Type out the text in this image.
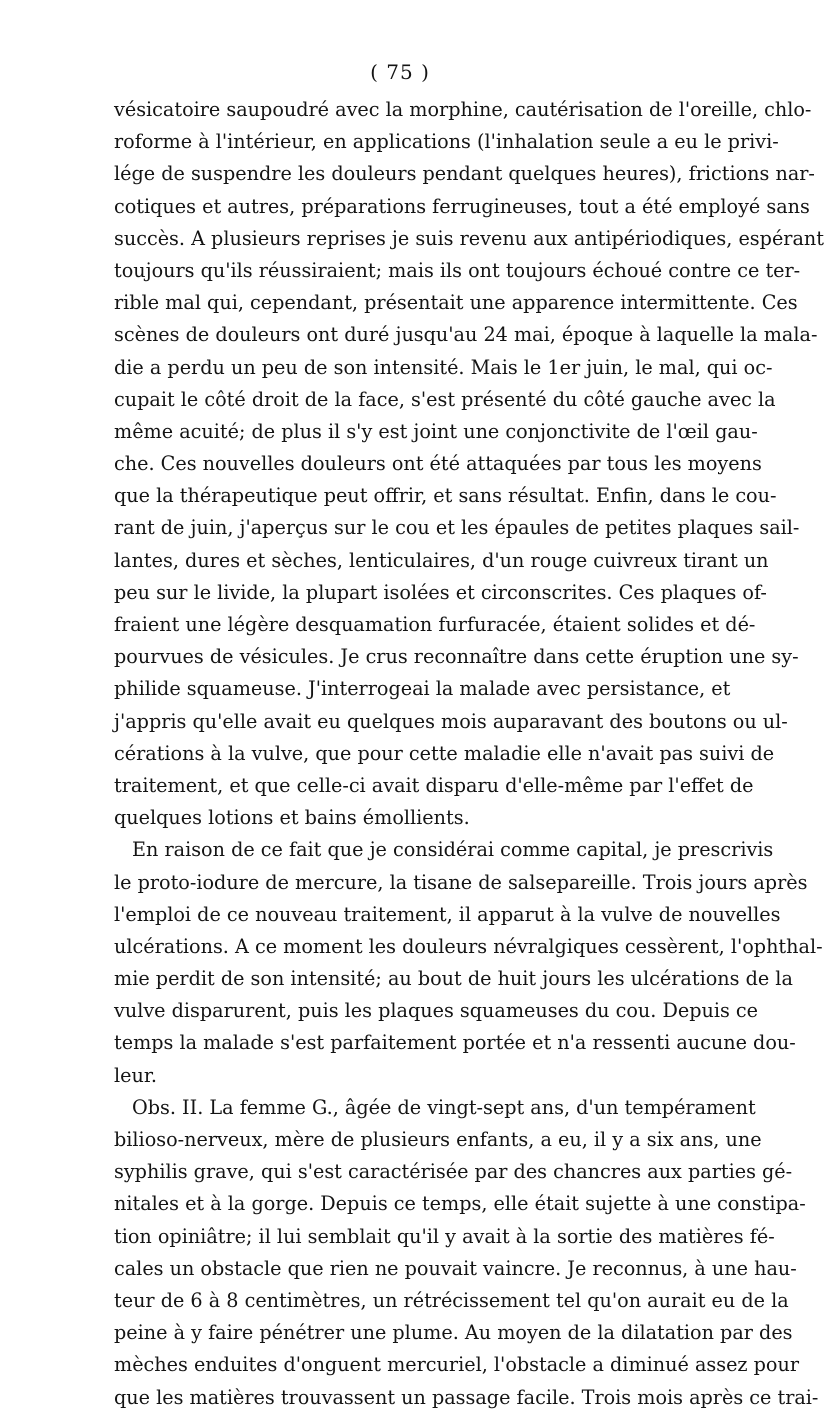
( 75 )
vésicatoire saupoudré avec la morphine, cautérisation de l'oreille, chlo-
roforme à l'intérieur, en applications (l'inhalation seule a eu le privi-
lége de suspendre les douleurs pendant quelques heures), frictions nar-
cotiques et autres, préparations ferrugineuses, tout a été employé sans
succès. A plusieurs reprises je suis revenu aux antipériodiques, espérant
toujours qu'ils réussiraient; mais ils ont toujours échoué contre ce ter-
rible mal qui, cependant, présentait une apparence intermittente. Ces
scènes de douleurs ont duré jusqu'au 24 mai, époque à laquelle la mala-
die a perdu un peu de son intensité. Mais le 1er juin, le mal, qui oc-
cupait le côté droit de la face, s'est présenté du côté gauche avec la
même acuité; de plus il s'y est joint une conjonctivite de l'œil gau-
che. Ces nouvelles douleurs ont été attaquées par tous les moyens
que la thérapeutique peut offrir, et sans résultat. Enfin, dans le cou-
rant de juin, j'aperçus sur le cou et les épaules de petites plaques sail-
lantes, dures et sèches, lenticulaires, d'un rouge cuivreux tirant un
peu sur le livide, la plupart isolées et circonscrites. Ces plaques of-
fraient une légère desquamation furfuracée, étaient solides et dé-
pourvues de vésicules. Je crus reconnaître dans cette éruption une sy-
philide squameuse. J'interrogeai la malade avec persistance, et
j'appris qu'elle avait eu quelques mois auparavant des boutons ou ul-
cérations à la vulve, que pour cette maladie elle n'avait pas suivi de
traitement, et que celle-ci avait disparu d'elle-même par l'effet de
quelques lotions et bains émollients.
En raison de ce fait que je considérai comme capital, je prescrivis
le proto-iodure de mercure, la tisane de salsepareille. Trois jours après
l'emploi de ce nouveau traitement, il apparut à la vulve de nouvelles
ulcérations. A ce moment les douleurs névralgiques cessèrent, l'ophthal-
mie perdit de son intensité; au bout de huit jours les ulcérations de la
vulve disparurent, puis les plaques squameuses du cou. Depuis ce
temps la malade s'est parfaitement portée et n'a ressenti aucune dou-
leur.
Obs. II. La femme G., âgée de vingt-sept ans, d'un tempérament
bilioso-nerveux, mère de plusieurs enfants, a eu, il y a six ans, une
syphilis grave, qui s'est caractérisée par des chancres aux parties gé-
nitales et à la gorge. Depuis ce temps, elle était sujette à une constipa-
tion opiniâtre; il lui semblait qu'il y avait à la sortie des matières fé-
cales un obstacle que rien ne pouvait vaincre. Je reconnus, à une hau-
teur de 6 à 8 centimètres, un rétrécissement tel qu'on aurait eu de la
peine à y faire pénétrer une plume. Au moyen de la dilatation par des
mèches enduites d'onguent mercuriel, l'obstacle a diminué assez pour
que les matières trouvassent un passage facile. Trois mois après ce trai-
